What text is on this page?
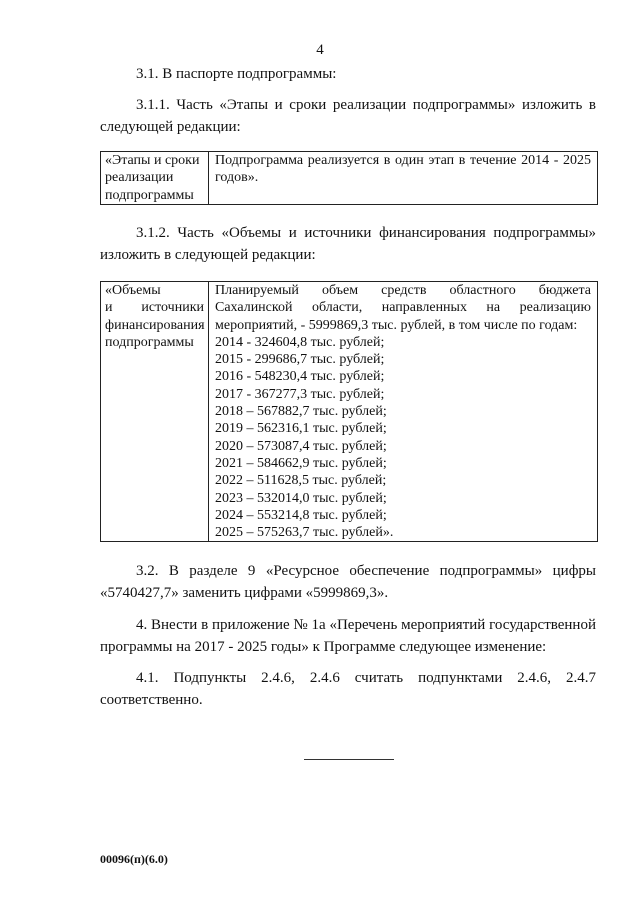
4
3.1. В паспорте подпрограммы:
3.1.1. Часть «Этапы и сроки реализации подпрограммы» изложить в следующей редакции:
«Этапы и сроки
реализации
подпрограммы
Подпрограмма реализуется в один этап в течение 2014 - 2025 годов».
3.1.2. Часть «Объемы и источники финансирования подпрограммы» изложить в следующей редакции:
«Объемы
и источники
финансирования
подпрограммы
Планируемый объем средств областного бюджета Сахалинской области, направленных на реализацию мероприятий, - 5999869,3 тыс. рублей, в том числе по годам:
2014 - 324604,8 тыс. рублей;
2015 - 299686,7 тыс. рублей;
2016 - 548230,4 тыс. рублей;
2017 - 367277,3 тыс. рублей;
2018 – 567882,7 тыс. рублей;
2019 – 562316,1 тыс. рублей;
2020 – 573087,4 тыс. рублей;
2021 – 584662,9 тыс. рублей;
2022 – 511628,5 тыс. рублей;
2023 – 532014,0 тыс. рублей;
2024 – 553214,8 тыс. рублей;
2025 – 575263,7 тыс. рублей».
3.2. В разделе 9 «Ресурсное обеспечение подпрограммы» цифры «5740427,7» заменить цифрами «5999869,3».
4. Внести в приложение № 1а «Перечень мероприятий государственной программы на 2017 - 2025 годы» к Программе следующее изменение:
4.1. Подпункты 2.4.6, 2.4.6 считать подпунктами 2.4.6, 2.4.7 соответственно.
00096(п)(6.0)
